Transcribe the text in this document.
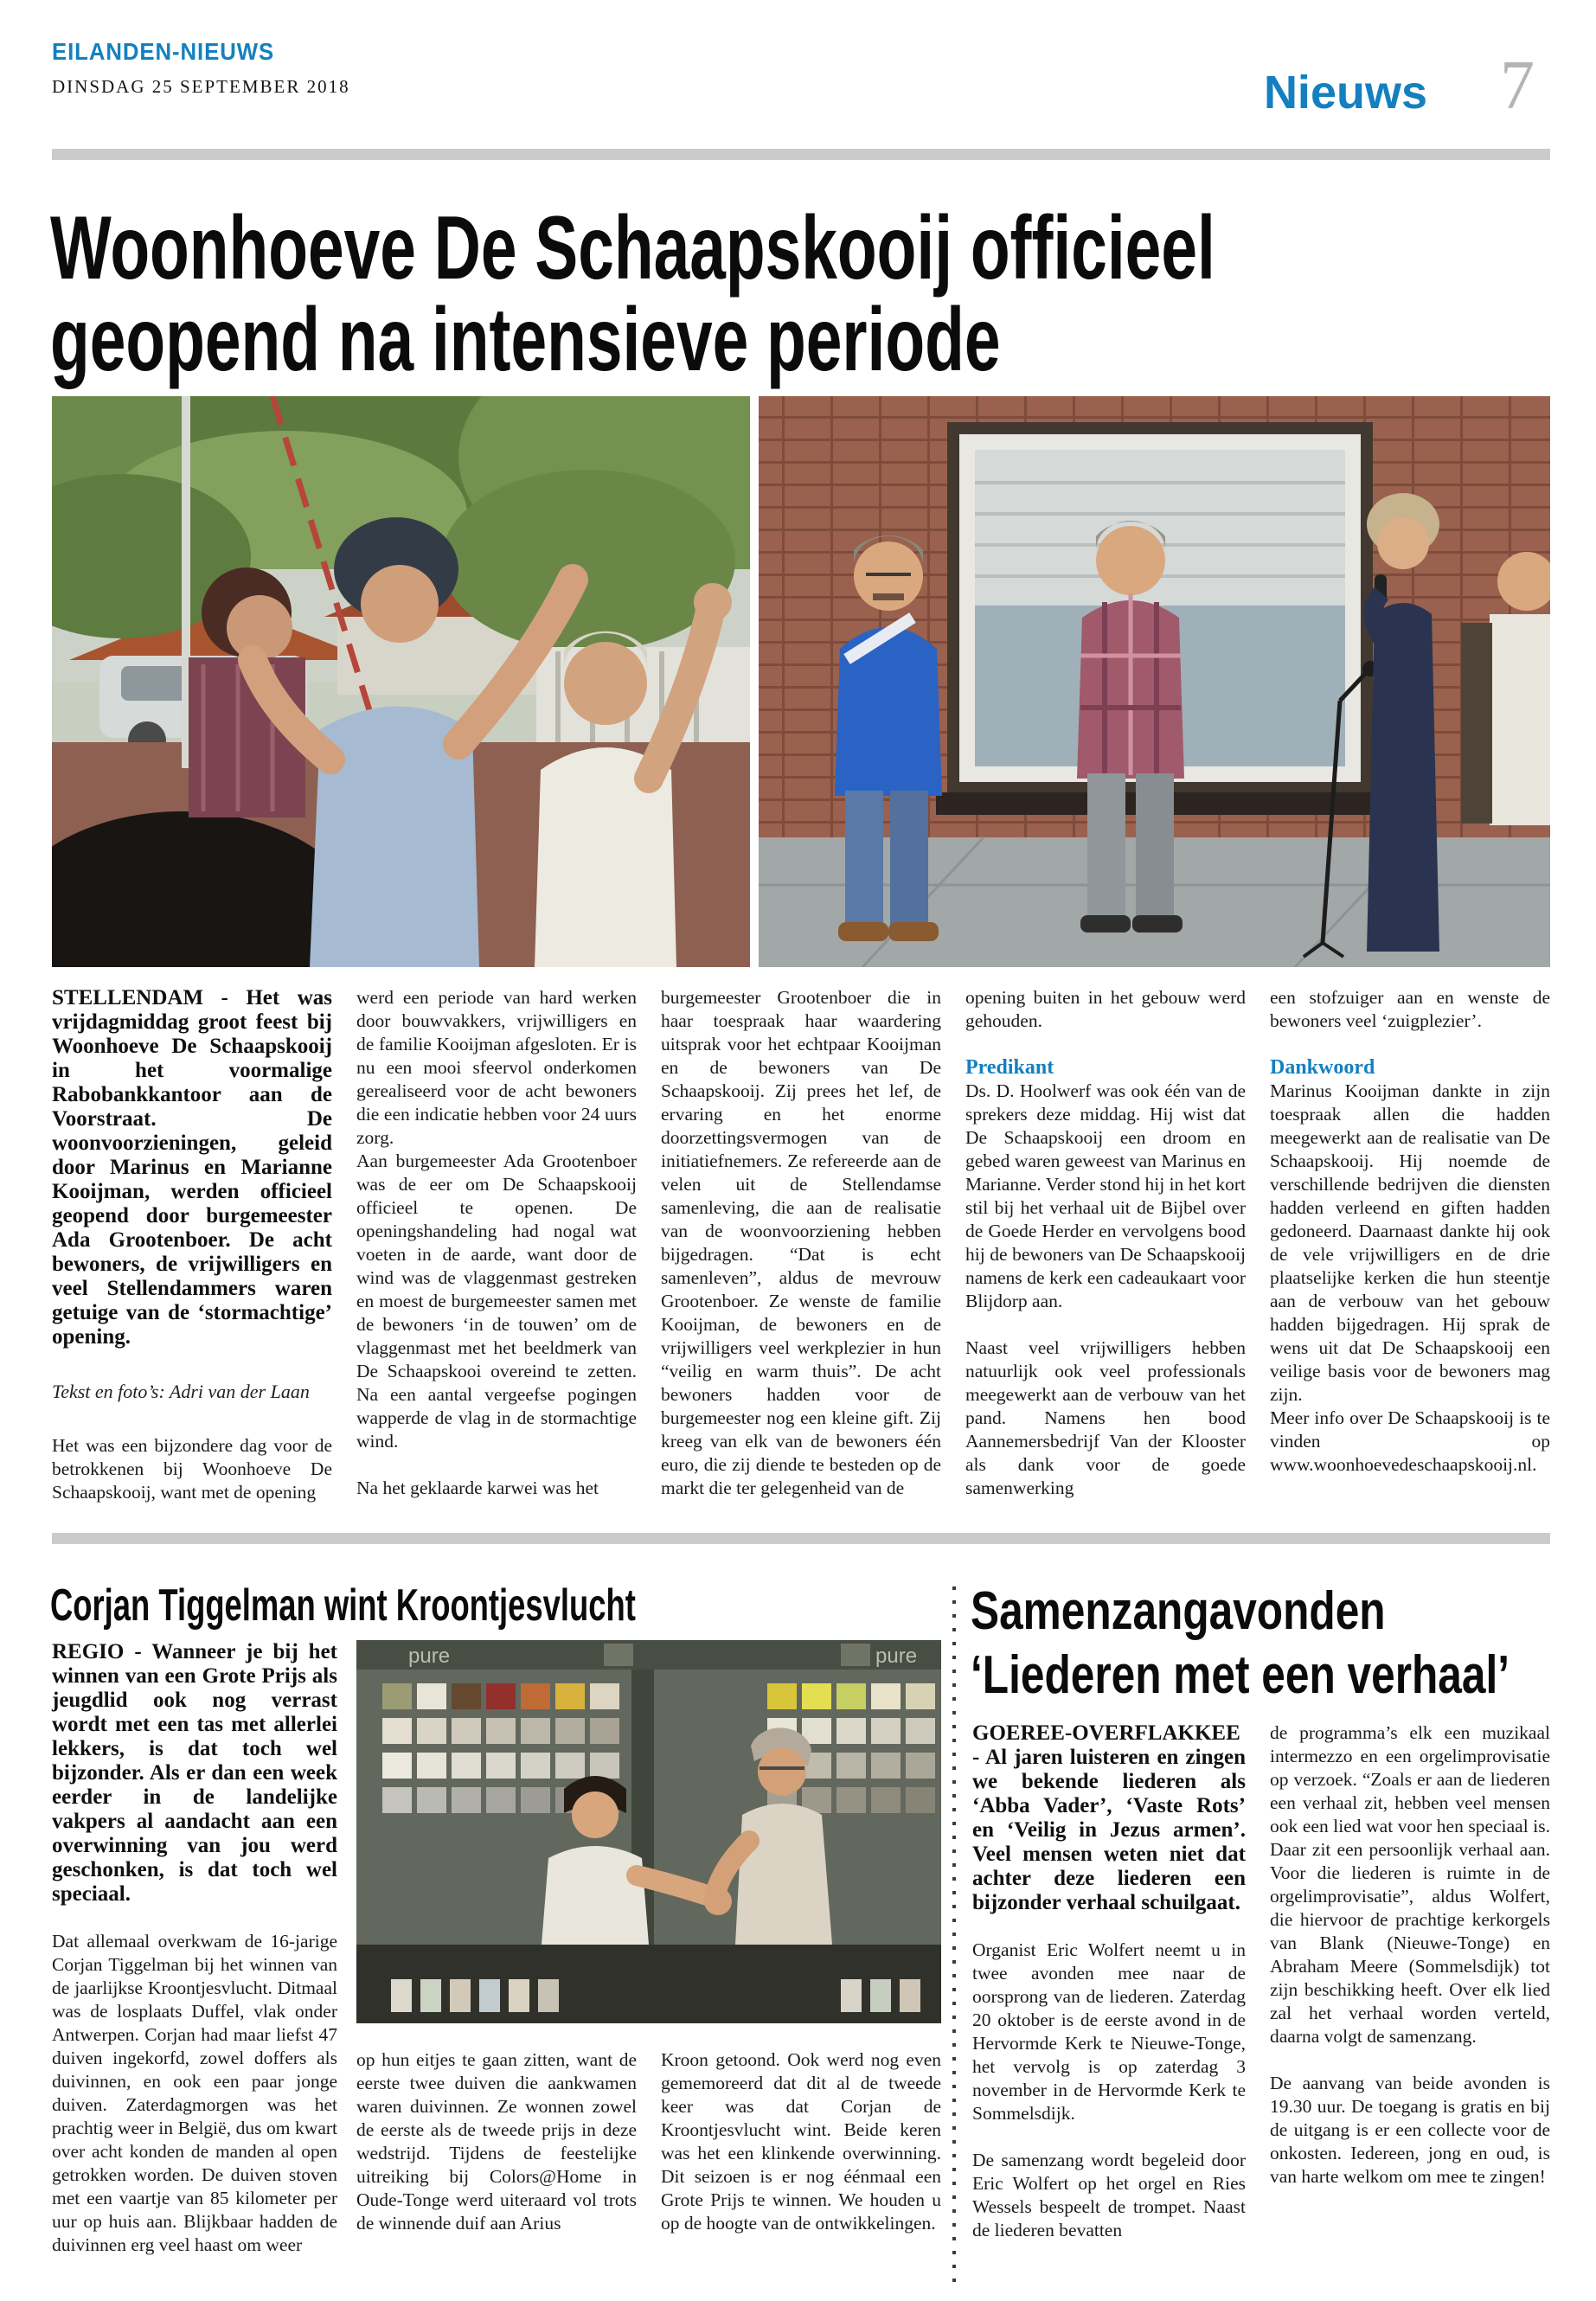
EILANDEN-NIEUWS
DINSDAG 25 SEPTEMBER 2018	Nieuws 7
Woonhoeve De Schaapskooij officieel
geopend na intensieve periode

STELLENDAM - Het was vrijdagmiddag groot feest bij Woonhoeve De Schaapskooij in het voormalige Rabobankkantoor aan de Voorstraat. De woonvoorzieningen, geleid door Marinus en Marianne Kooijman, werden officieel geopend door burgemeester Ada Grootenboer. De acht bewoners, de vrijwilligers en veel Stellendammers waren getuige van de ‘stormachtige’ opening.

Tekst en foto’s: Adri van der Laan

Het was een bijzondere dag voor de betrokkenen bij Woonhoeve De Schaapskooij, want met de opening

werd een periode van hard werken door bouwvakkers, vrijwilligers en de familie Kooijman afgesloten. Er is nu een mooi sfeervol onderkomen gerealiseerd voor de acht bewoners die een indicatie hebben voor 24 uurs zorg.

Aan burgemeester Ada Grootenboer was de eer om De Schaapskooij officieel te openen. De openingshandeling had nogal wat voeten in de aarde, want door de wind was de vlaggenmast gestreken en moest de burgemeester samen met de bewoners ‘in de touwen’ om de vlaggenmast met het beeldmerk van De Schaapskooi overeind te zetten. Na een aantal vergeefse pogingen wapperde de vlag in de stormachtige wind.

Na het geklaarde karwei was het

burgemeester Grootenboer die in haar toespraak haar waardering uitsprak voor het echtpaar Kooijman en de bewoners van De Schaapskooij. Zij prees het lef, de ervaring en het enorme doorzettingsvermogen van de initiatiefnemers. Ze refereerde aan de velen uit de Stellendamse samenleving, die aan de realisatie van de woonvoorziening hebben bijgedragen. “Dat is echt samenleven”, aldus de mevrouw Grootenboer. Ze wenste de familie Kooijman, de bewoners en de vrijwilligers veel werkplezier in hun “veilig en warm thuis”. De acht bewoners hadden voor de burgemeester nog een kleine gift. Zij kreeg van elk van de bewoners één euro, die zij diende te besteden op de markt die ter gelegenheid van de

opening buiten in het gebouw werd gehouden.

Predikant

Ds. D. Hoolwerf was ook één van de sprekers deze middag. Hij wist dat De Schaapskooij een droom en gebed waren geweest van Marinus en Marianne. Verder stond hij in het kort stil bij het verhaal uit de Bijbel over de Goede Herder en vervolgens bood hij de bewoners van De Schaapskooij namens de kerk een cadeaukaart voor Blijdorp aan.

Naast veel vrijwilligers hebben natuurlijk ook veel professionals meegewerkt aan de verbouw van het pand. Namens hen bood Aannemersbedrijf Van der Klooster als dank voor de goede samenwerking

een stofzuiger aan en wenste de bewoners veel ‘zuigplezier’.

Dankwoord

Marinus Kooijman dankte in zijn toespraak allen die hadden meegewerkt aan de realisatie van De Schaapskooij. Hij noemde de verschillende bedrijven die diensten hadden verleend en giften hadden gedoneerd. Daarnaast dankte hij ook de vele vrijwilligers en de drie plaatselijke kerken die hun steentje aan de verbouw van het gebouw hadden bijgedragen. Hij sprak de wens uit dat De Schaapskooij een veilige basis voor de bewoners mag zijn.

Meer info over De Schaapskooij is te vinden op www.woonhoevedeschaapskooij.nl.

Corjan Tiggelman wint Kroontjesvlucht

REGIO - Wanneer je bij het winnen van een Grote Prijs als jeugdlid ook nog verrast wordt met een tas met allerlei lekkers, is dat toch wel bijzonder. Als er dan een week eerder in de landelijke vakpers al aandacht aan een overwinning van jou werd geschonken, is dat toch wel speciaal.

Dat allemaal overkwam de 16-jarige Corjan Tiggelman bij het winnen van de jaarlijkse Kroontjesvlucht. Ditmaal was de losplaats Duffel, vlak onder Antwerpen. Corjan had maar liefst 47 duiven ingekorfd, zowel doffers als duivinnen, en ook een paar jonge duiven. Zaterdagmorgen was het prachtig weer in België, dus om kwart over acht konden de manden al open getrokken worden. De duiven stoven met een vaartje van 85 kilometer per uur op huis aan. Blijkbaar hadden de duivinnen erg veel haast om weer

pure	pure

op hun eitjes te gaan zitten, want de eerste twee duiven die aankwamen waren duivinnen. Ze wonnen zowel de eerste als de tweede prijs in deze wedstrijd. Tijdens de feestelijke uitreiking bij Colors@Home in Oude-Tonge werd uiteraard vol trots de winnende duif aan Arius

Kroon getoond. Ook werd nog even gememoreerd dat dit al de tweede keer was dat Corjan de Kroontjesvlucht wint. Beide keren was het een klinkende overwinning. Dit seizoen is er nog éénmaal een Grote Prijs te winnen. We houden u op de hoogte van de ontwikkelingen.

Samenzangavonden
‘Liederen met een verhaal’

GOEREE-OVERFLAKKEE - Al jaren luisteren en zingen we bekende liederen als ‘Abba Vader’, ‘Vaste Rots’ en ‘Veilig in Jezus armen’. Veel mensen weten niet dat achter deze liederen een bijzonder verhaal schuilgaat.

Organist Eric Wolfert neemt u in twee avonden mee naar de oorsprong van de liederen. Zaterdag 20 oktober is de eerste avond in de Hervormde Kerk te Nieuwe-Tonge, het vervolg is op zaterdag 3 november in de Hervormde Kerk te Sommelsdijk.

De samenzang wordt begeleid door Eric Wolfert op het orgel en Ries Wessels bespeelt de trompet. Naast de liederen bevatten

de programma’s elk een muzikaal intermezzo en een orgelimprovisatie op verzoek. “Zoals er aan de liederen een verhaal zit, hebben veel mensen ook een lied wat voor hen speciaal is. Daar zit een persoonlijk verhaal aan. Voor die liederen is ruimte in de orgelimprovisatie”, aldus Wolfert, die hiervoor de prachtige kerkorgels van Blank (Nieuwe-Tonge) en Abraham Meere (Sommelsdijk) tot zijn beschikking heeft. Over elk lied zal het verhaal worden verteld, daarna volgt de samenzang.

De aanvang van beide avonden is 19.30 uur. De toegang is gratis en bij de uitgang is er een collecte voor de onkosten. Iedereen, jong en oud, is van harte welkom om mee te zingen!
